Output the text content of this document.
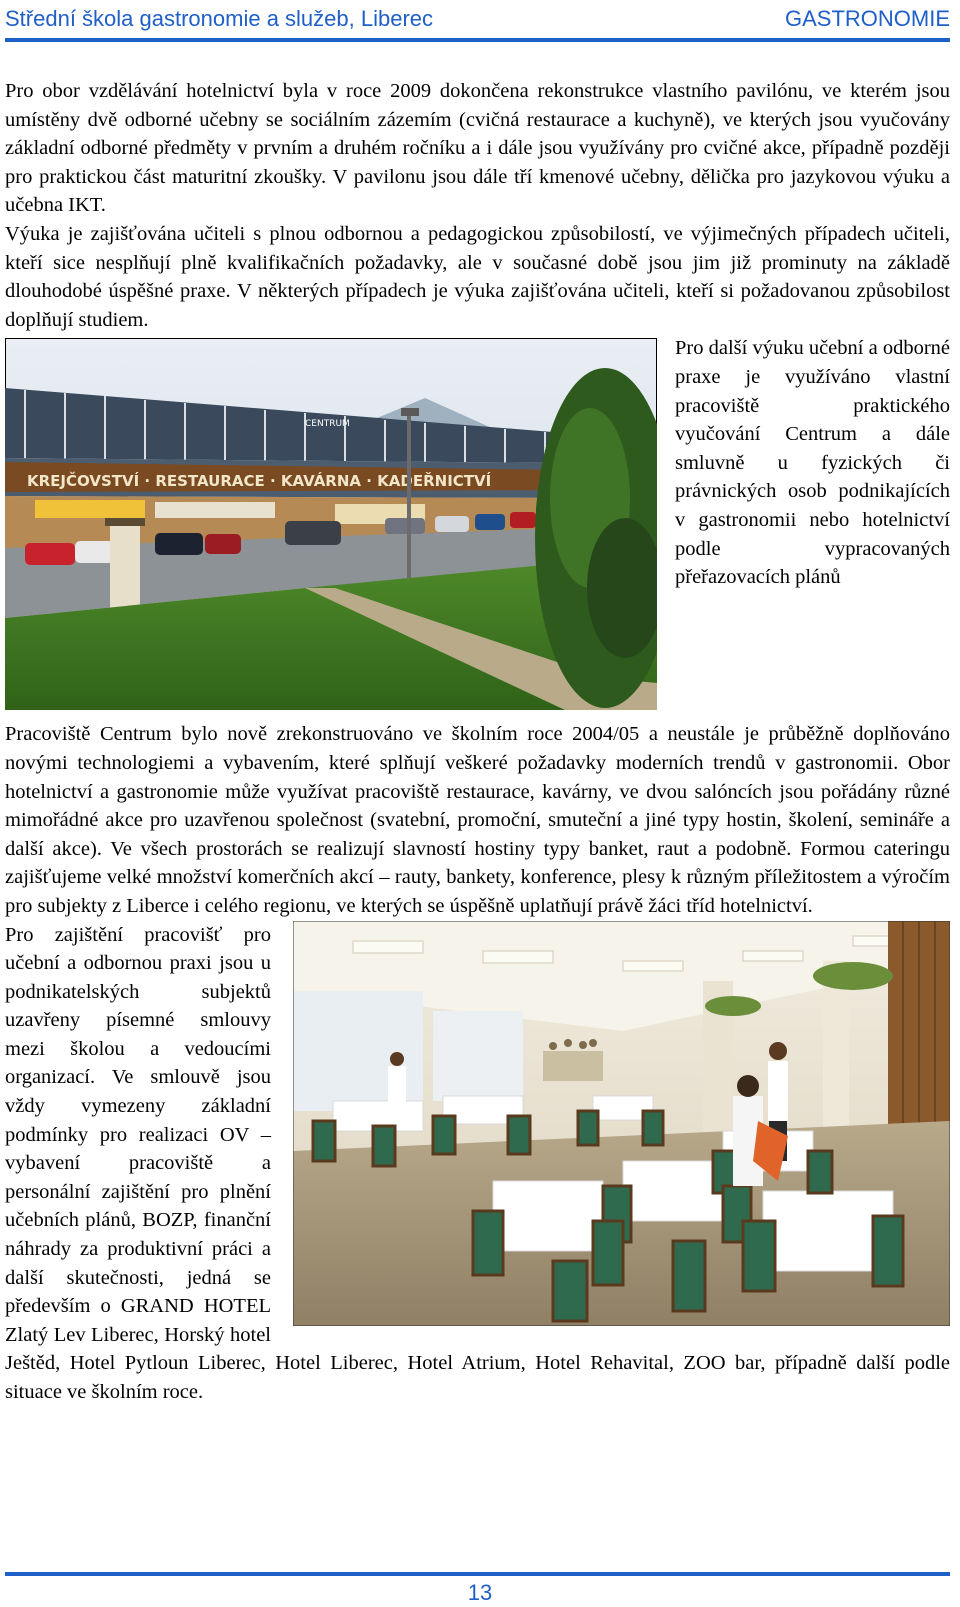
Střední škola gastronomie a služeb, Liberec	GASTRONOMIE

Pro obor vzdělávání hotelnictví byla v roce 2009 dokončena rekonstrukce vlastního pavilónu, ve kterém jsou umístěny dvě odborné učebny se sociálním zázemím (cvičná restaurace a kuchyně), ve kterých jsou vyučovány základní odborné předměty v prvním a druhém ročníku a i dále jsou využívány pro cvičné akce, případně později pro praktickou část maturitní zkoušky. V pavilonu jsou dále tří kmenové učebny, dělička pro jazykovou výuku a učebna IKT.

Výuka je zajišťována učiteli s plnou odbornou a pedagogickou způsobilostí, ve výjimečných případech učiteli, kteří sice nesplňují plně kvalifikačních požadavky, ale v současné době jsou jim již prominuty na základě dlouhodobé úspěšné praxe. V některých případech je výuka zajišťována učiteli, kteří si požadovanou způsobilost doplňují studiem.

KREJČOVSTVÍ · RESTAURACE · KAVÁRNA · KADEŘNICTVÍ
CENTRUM

Pro další výuku učební a odborné praxe je využíváno vlastní pracoviště praktického vyučování Centrum a dále smluvně u fyzických či právnických osob podnikajících v gastronomii nebo hotelnictví podle vypracovaných přeřazovacích plánů

Pracoviště Centrum bylo nově zrekonstruováno ve školním roce 2004/05 a neustále je průběžně doplňováno novými technologiemi a vybavením, které splňují veškeré požadavky moderních trendů v gastronomii. Obor hotelnictví a gastronomie může využívat pracoviště restaurace, kavárny, ve dvou salóncích jsou pořádány různé mimořádné akce pro uzavřenou společnost (svatební, promoční, smuteční a jiné typy hostin, školení, semináře a další akce). Ve všech prostorách se realizují slavností hostiny typy banket, raut a podobně. Formou cateringu zajišťujeme velké množství komerčních akcí – rauty, bankety, konference, plesy k různým příležitostem a výročím pro subjekty z Liberce i celého regionu, ve kterých se úspěšně uplatňují právě žáci tříd hotelnictví.

Pro zajištění pracovišť pro učební a odbornou praxi jsou u podnikatelských subjektů uzavřeny písemné smlouvy mezi školou a vedoucími organizací. Ve smlouvě jsou vždy vymezeny základní podmínky pro realizaci OV – vybavení pracoviště a personální zajištění pro plnění učebních plánů, BOZP, finanční náhrady za produktivní práci a další skutečnosti, jedná se především o GRAND HOTEL Zlatý Lev Liberec, Horský hotel Ještěd, Hotel Pytloun Liberec, Hotel Liberec, Hotel Atrium, Hotel Rehavital, ZOO bar, případně další podle situace ve školním roce.

13
